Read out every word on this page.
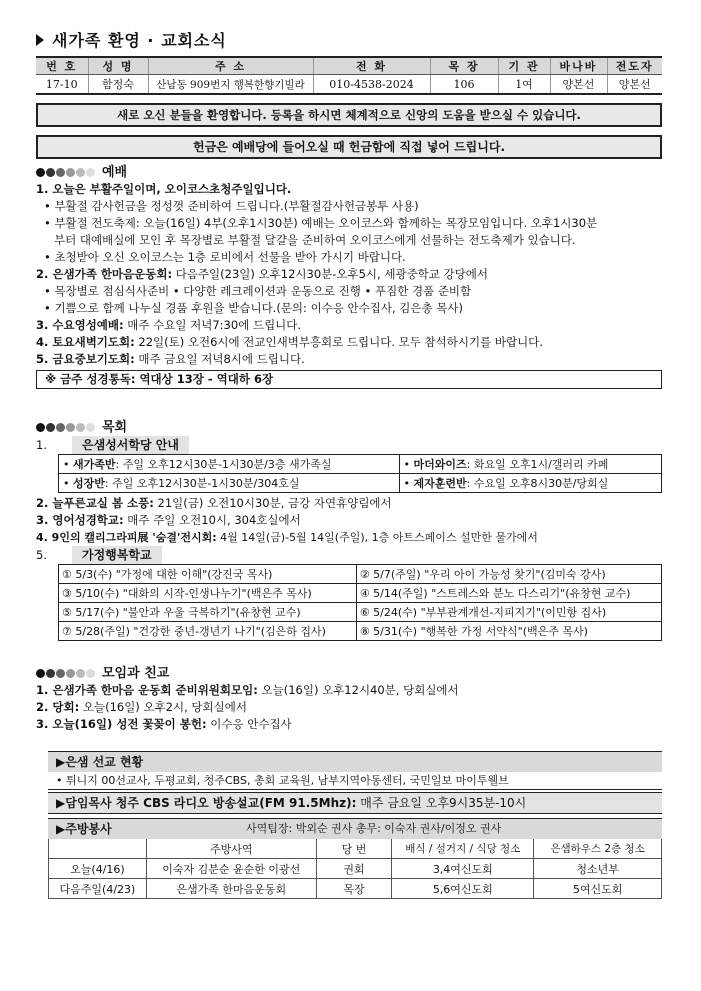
새가족 환영 · 교회소식
번 호	성 명	주 소	전 화	목 장	기 관	바나바	전도자
17-10	함정숙	산남동 909번지 행복한향기빌라	010-4538-2024	106	1여	양본선	양본선
새로 오신 분들을 환영합니다. 등록을 하시면 체계적으로 신앙의 도움을 받으실 수 있습니다.
헌금은 예배당에 들어오실 때 헌금함에 직접 넣어 드립니다.
예배
1. 오늘은 부활주일이며, 오이코스초청주일입니다.
• 부활절 감사헌금을 정성껏 준비하여 드립니다.(부활절감사헌금봉투 사용)
• 부활절 전도축제: 오늘(16일) 4부(오후1시30분) 예배는 오이코스와 함께하는 목장모임입니다. 오후1시30분
부터 대예배실에 모인 후 목장별로 부활절 달걀을 준비하여 오이코스에게 선물하는 전도축제가 있습니다.
• 초청받아 오신 오이코스는 1층 로비에서 선물을 받아 가시기 바랍니다.
2. 은샘가족 한마음운동회: 다음주일(23일) 오후12시30분-오후5시, 세광중학교 강당에서
• 목장별로 점심식사준비 • 다양한 레크레이션과 운동으로 진행 • 푸짐한 경품 준비함
• 기쁨으로 함께 나누실 경품 후원을 받습니다.(문의: 이수응 안수집사, 김은총 목사)
3. 수요영성예배: 매주 수요일 저녁7:30에 드립니다.
4. 토요새벽기도회: 22일(토) 오전6시에 전교인새벽부흥회로 드립니다. 모두 참석하시기를 바랍니다.
5. 금요중보기도회: 매주 금요일 저녁8시에 드립니다.
※ 금주 성경통독: 역대상 13장 - 역대하 6장
목회
1.	은샘성서학당 안내
• 새가족반: 주일 오후12시30분-1시30분/3층 새가족실	• 마더와이즈: 화요일 오후1시/갤러리 카페
• 성장반: 주일 오후12시30분-1시30분/304호실	• 제자훈련반: 수요일 오후8시30분/당회실
2. 늘푸른교실 봄 소풍: 21일(금) 오전10시30분, 금강 자연휴양림에서
3. 영어성경학교: 매주 주일 오전10시, 304호실에서
4. 9인의 캘리그라피展 '숨결'전시회: 4월 14일(금)-5월 14일(주일), 1층 아트스페이스 설만한 물가에서
5.	가정행복학교
① 5/3(수) "가정에 대한 이해"(강진국 목사)	② 5/7(주일) "우리 아이 가능성 찾기"(김미숙 강사)
③ 5/10(수) "대화의 시작-인생나누기"(백은주 목사)	④ 5/14(주일) "스트레스와 분노 다스리기"(유창현 교수)
⑤ 5/17(수) "불안과 우울 극복하기"(유창현 교수)	⑥ 5/24(수) "부부관계개선-지피지기"(이민항 집사)
⑦ 5/28(주일) "건강한 중년-갱년기 나기"(김은하 집사)	⑧ 5/31(수) "행복한 가정 서약식"(백은주 목사)
모임과 친교
1. 은샘가족 한마음 운동회 준비위원회모임: 오늘(16일) 오후12시40분, 당회실에서
2. 당회: 오늘(16일) 오후2시, 당회실에서
3. 오늘(16일) 성전 꽃꽂이 봉헌: 이수응 안수집사
▶은샘 선교 현황
• 튀니지 00선교사, 두평교회, 청주CBS, 총회 교육원, 남부지역아동센터, 국민일보 마이투웰브
▶담임목사 청주 CBS 라디오 방송설교(FM 91.5Mhz): 매주 금요일 오후9시35분-10시
▶주방봉사	사역팀장: 박외순 권사 총무: 이숙자 권사/이정오 권사
	주방사역	당 번	배식 / 설거지 / 식당 청소	은샘하우스 2층 청소
오늘(4/16)	이숙자 김분순 윤순한 이광선	권회	3,4여신도회	청소년부
다음주일(4/23)	은샘가족 한마음운동회	목장	5,6여신도회	5여신도회
